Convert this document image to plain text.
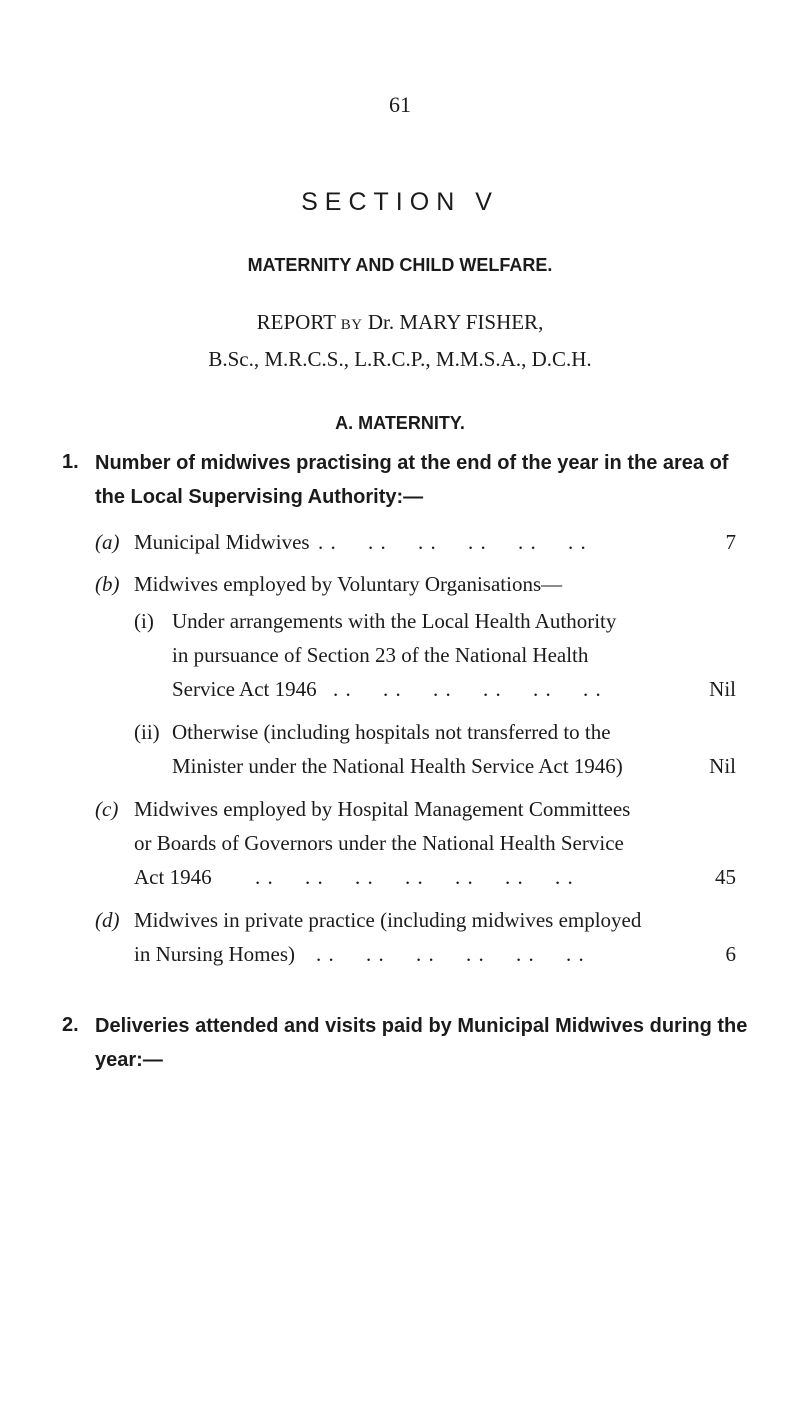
61
SECTION V
MATERNITY AND CHILD WELFARE.
REPORT BY Dr. MARY FISHER,
B.Sc., M.R.C.S., L.R.C.P., M.M.S.A., D.C.H.
A. MATERNITY.
1. Number of midwives practising at the end of the year in the area of
the Local Supervising Authority:—
(a) Municipal Midwives . .     . .     . .     . .     . .     . .	7
(b) Midwives employed by Voluntary Organisations—
(i) Under arrangements with the Local Health Authority
in pursuance of Section 23 of the National Health
Service Act 1946 . .     . .     . .     . .     . .     . .	Nil
(ii) Otherwise (including hospitals not transferred to the
Minister under the National Health Service Act 1946)	Nil
(c) Midwives employed by Hospital Management Committees
or Boards of Governors under the National Health Service
Act 1946 . .     . .     . .     . .     . .     . .     . .	45
(d) Midwives in private practice (including midwives employed
in Nursing Homes) . .     . .     . .     . .     . .     . .	6
2. Deliveries attended and visits paid by Municipal Midwives during the
year:—
